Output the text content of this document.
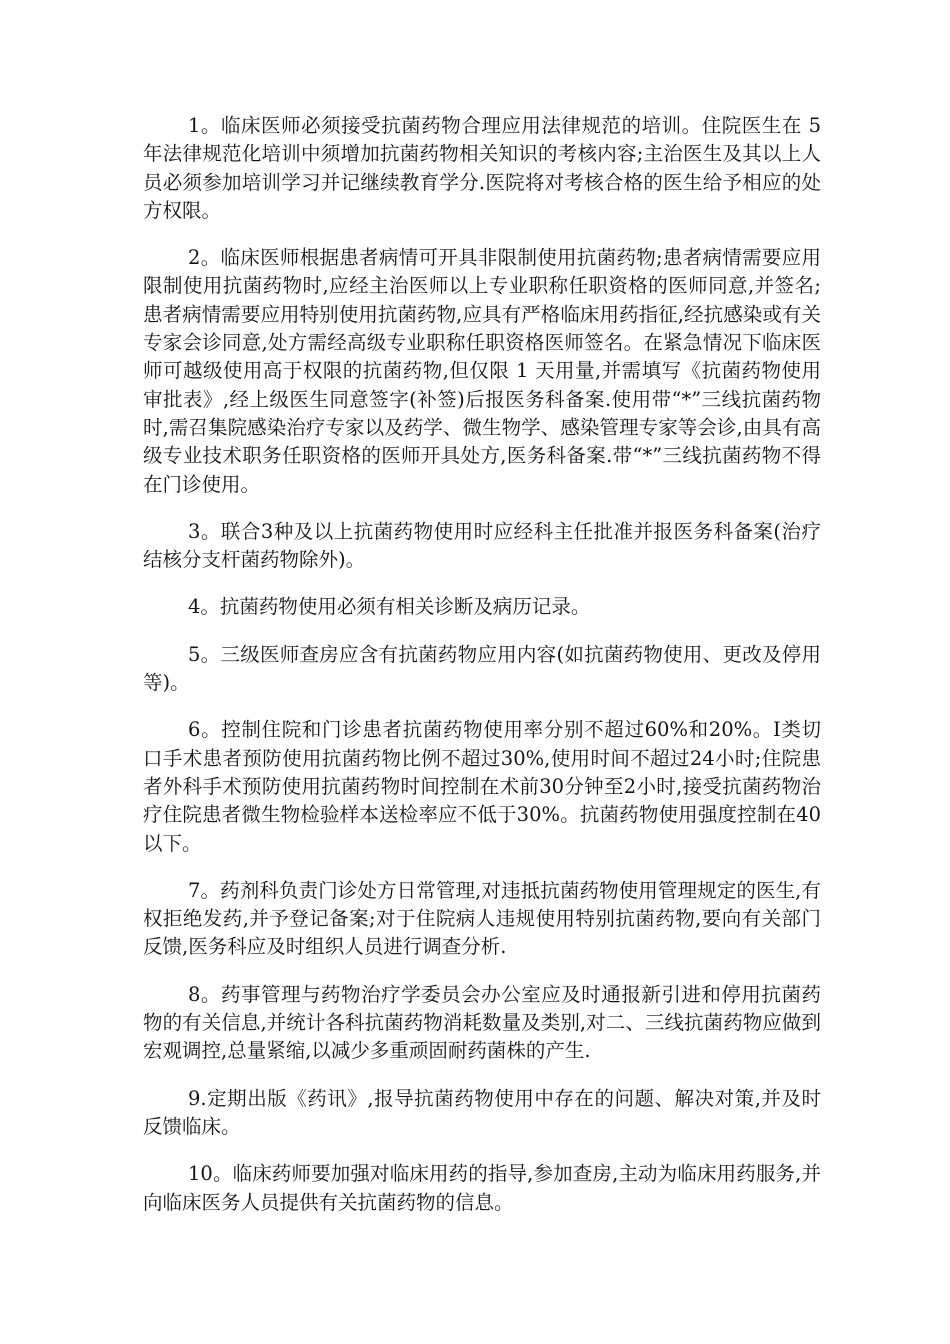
1。临床医师必须接受抗菌药物合理应用法律规范的培训。住院医生在 5 年法律规范化培训中须增加抗菌药物相关知识的考核内容;主治医生及其以上人员必须参加培训学习并记继续教育学分.医院将对考核合格的医生给予相应的处方权限。

2。临床医师根据患者病情可开具非限制使用抗菌药物;患者病情需要应用限制使用抗菌药物时,应经主治医师以上专业职称任职资格的医师同意,并签名;患者病情需要应用特别使用抗菌药物,应具有严格临床用药指征,经抗感染或有关专家会诊同意,处方需经高级专业职称任职资格医师签名。在紧急情况下临床医师可越级使用高于权限的抗菌药物,但仅限 1 天用量,并需填写《抗菌药物使用审批表》,经上级医生同意签字(补签)后报医务科备案.使用带“*”三线抗菌药物时,需召集院感染治疗专家以及药学、微生物学、感染管理专家等会诊,由具有高级专业技术职务任职资格的医师开具处方,医务科备案.带“*”三线抗菌药物不得在门诊使用。

3。联合3种及以上抗菌药物使用时应经科主任批准并报医务科备案(治疗结核分支杆菌药物除外)。

4。抗菌药物使用必须有相关诊断及病历记录。

5。三级医师查房应含有抗菌药物应用内容(如抗菌药物使用、更改及停用等)。

6。控制住院和门诊患者抗菌药物使用率分别不超过60%和20%。I类切口手术患者预防使用抗菌药物比例不超过30%,使用时间不超过24小时;住院患者外科手术预防使用抗菌药物时间控制在术前30分钟至2小时,接受抗菌药物治疗住院患者微生物检验样本送检率应不低于30%。抗菌药物使用强度控制在40以下。

7。药剂科负责门诊处方日常管理,对违抵抗菌药物使用管理规定的医生,有权拒绝发药,并予登记备案;对于住院病人违规使用特别抗菌药物,要向有关部门反馈,医务科应及时组织人员进行调查分析.

8。药事管理与药物治疗学委员会办公室应及时通报新引进和停用抗菌药物的有关信息,并统计各科抗菌药物消耗数量及类别,对二、三线抗菌药物应做到宏观调控,总量紧缩,以减少多重顽固耐药菌株的产生.

9.定期出版《药讯》,报导抗菌药物使用中存在的问题、解决对策,并及时反馈临床。

10。临床药师要加强对临床用药的指导,参加查房,主动为临床用药服务,并向临床医务人员提供有关抗菌药物的信息。
